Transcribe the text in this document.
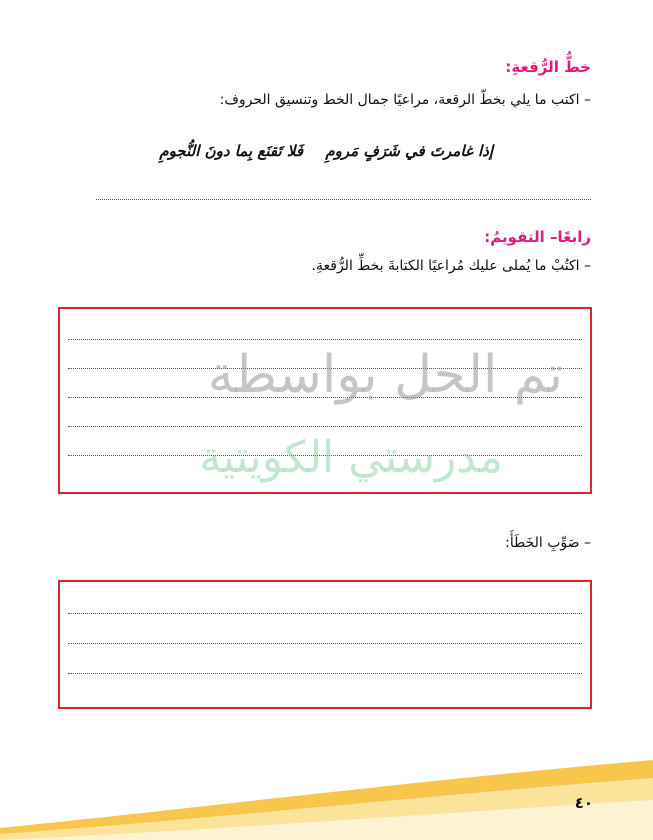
خطُّ الرُّقعةِ:
– اكتب ما يلي بخطّ الرقعة، مراعيًا جمال الخط وتنسيق الحروف:
إذا غامرتَ في شَرَفٍ مَرومِ
فَلا تَقنَع بِما دونَ النُّجومِ
رابعًا– التقويمُ:
– اكتُبْ ما يُملى عليك مُراعيًا الكتابةَ بخطِّ الرُّقعةِ.
تم الحل بواسطة
مدرستي الكويتية
– صَوِّبِ الخَطَأَ:
٤٠
